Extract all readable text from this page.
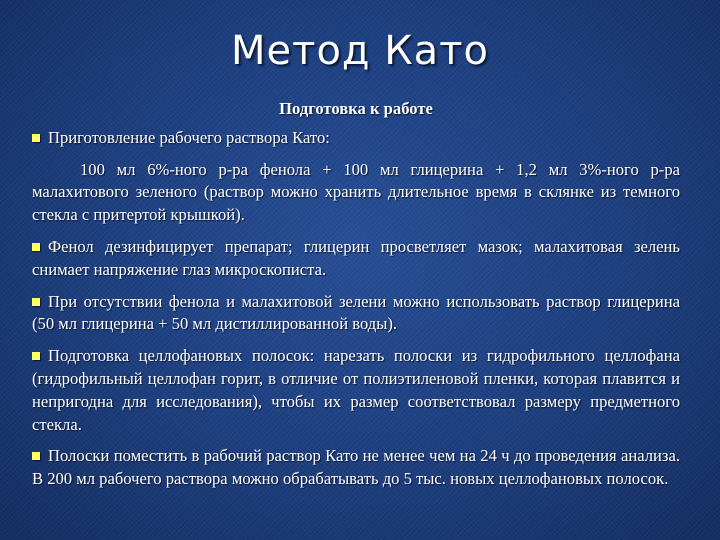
Метод Като
Подготовка к работе

Приготовление рабочего раствора Като:

100 мл 6%-ного р-ра фенола + 100 мл глицерина + 1,2 мл 3%-ного р-ра малахитового зеленого (раствор можно хранить длительное время в склянке из темного стекла с притертой крышкой).

Фенол дезинфицирует препарат; глицерин просветляет мазок; малахитовая зелень снимает напряжение глаз микроскописта.

При отсутствии фенола и малахитовой зелени можно использовать раствор глицерина (50 мл глицерина + 50 мл дистиллированной воды).

Подготовка целлофановых полосок: нарезать полоски из гидрофильного целлофана (гидрофильный целлофан горит, в отличие от полиэтиленовой пленки, которая плавится и непригодна для исследования), чтобы их размер соответствовал размеру предметного стекла.

Полоски поместить в рабочий раствор Като не менее чем на 24 ч до проведения анализа. В 200 мл рабочего раствора можно обрабатывать до 5 тыс. новых целлофановых полосок.
